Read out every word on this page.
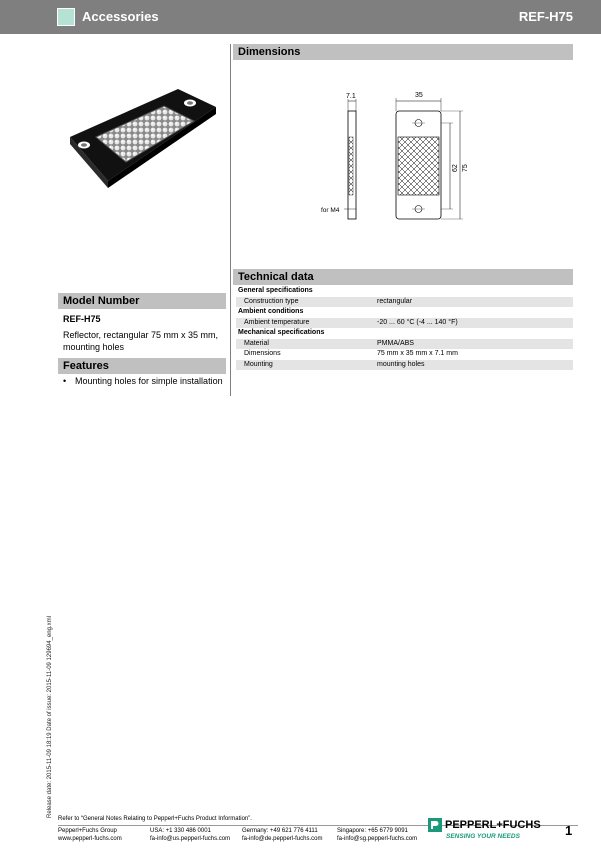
Accessories	REF-H75
Dimensions
7.1
for M4
35
62 75
Technical data
General specifications	
Construction type	rectangular
Ambient conditions	
Ambient temperature	-20 ... 60 °C (-4 ... 140 °F)
Mechanical specifications	
Material	PMMA/ABS
Dimensions	75 mm x 35 mm x 7.1 mm
Mounting	mounting holes
Model Number
REF-H75
Reflector, rectangular 75 mm x 35 mm, mounting holes
Features
• Mounting holes for simple installation
Release date: 2015-11-09 18:19 Date of issue: 2015-11-09 129694_eng.xml
Refer to “General Notes Relating to Pepperl+Fuchs Product Information”.
Pepperl+Fuchs Group
www.pepperl-fuchs.com
USA: +1 330 486 0001
fa-info@us.pepperl-fuchs.com
Germany: +49 621 776 4111
fa-info@de.pepperl-fuchs.com
Singapore: +65 6779 9091
fa-info@sg.pepperl-fuchs.com
PEPPERL+FUCHS
SENSING YOUR NEEDS	1
